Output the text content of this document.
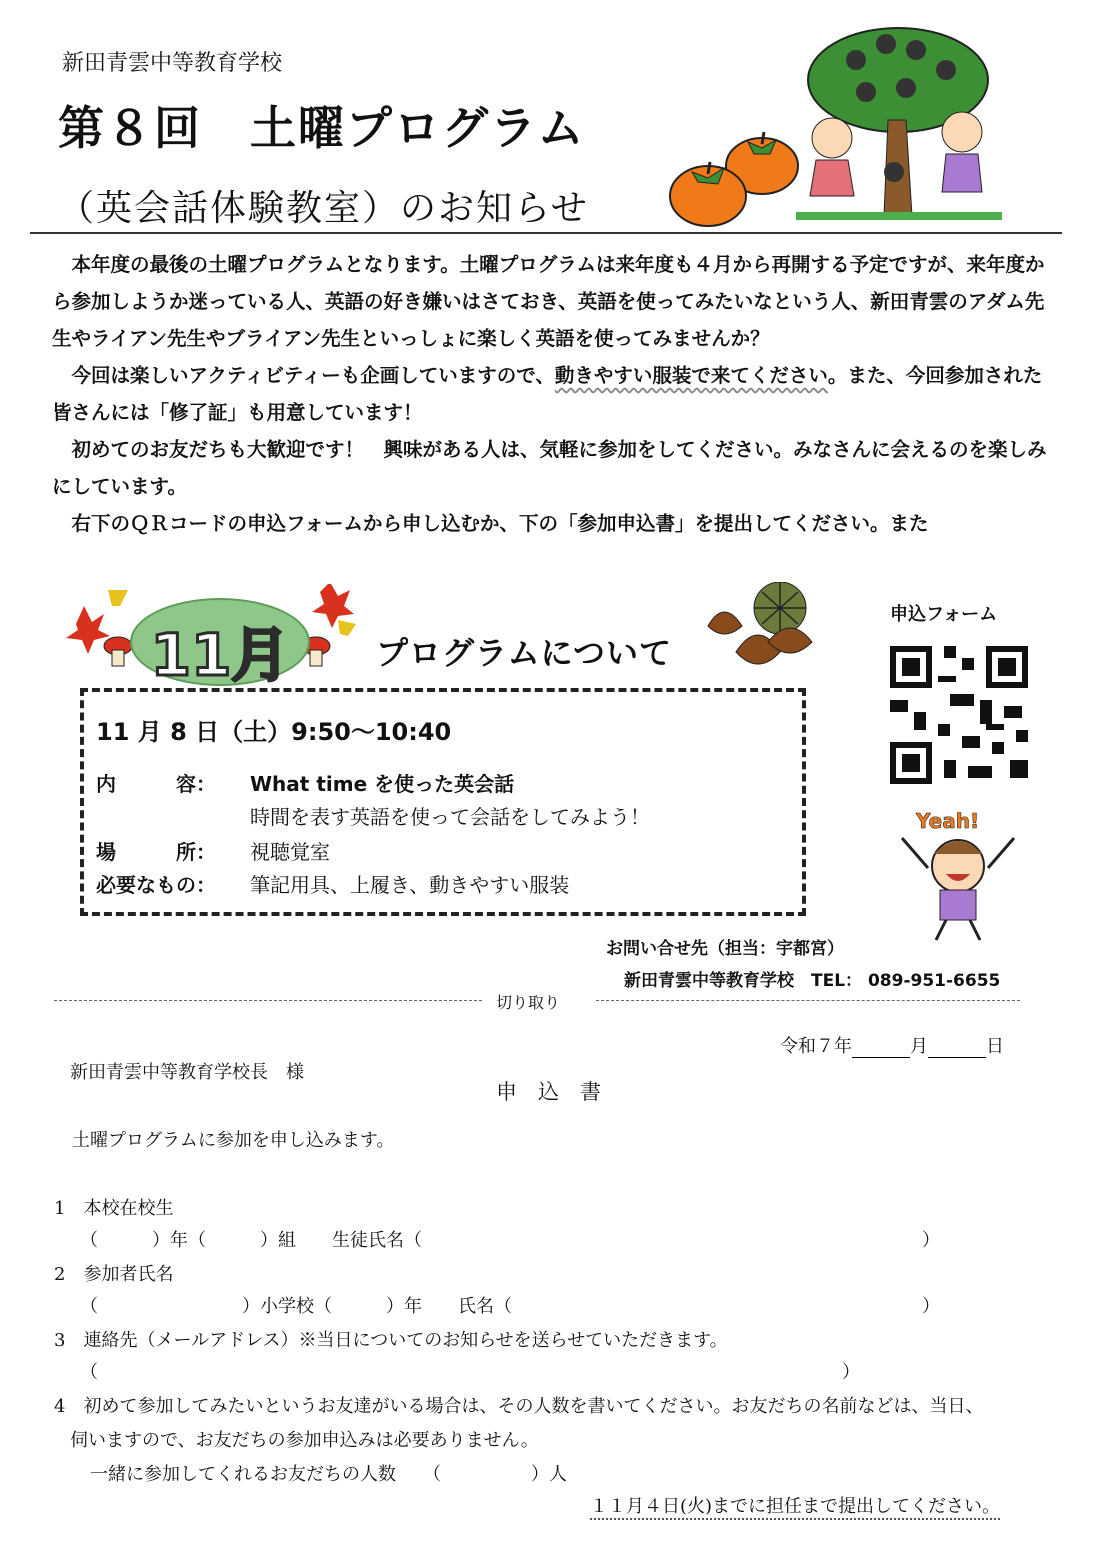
新田青雲中等教育学校
第８回　土曜プログラム
（英会話体験教室）のお知らせ

本年度の最後の土曜プログラムとなります。土曜プログラムは来年度も４月から再開する予定ですが、来年度から参加しようか迷っている人、英語の好き嫌いはさておき、英語を使ってみたいなという人、新田青雲のアダム先生やライアン先生やブライアン先生といっしょに楽しく英語を使ってみませんか？

今回は楽しいアクティビティーも企画していますので、動きやすい服装で来てください。また、今回参加された皆さんには「修了証」も用意しています！

初めてのお友だちも大歓迎です！　興味がある人は、気軽に参加をしてください。みなさんに会えるのを楽しみにしています。

右下のＱＲコードの申込フォームから申し込むか、下の「参加申込書」を提出してください。また

11月	プログラムについて
11 月 8 日（土）9:50～10:40
内　　　容： What time を使った英会話
時間を表す英語を使って会話をしてみよう！
場　　　所： 視聴覚室
必要なもの： 筆記用具、上履き、動きやすい服装
申込フォーム
Yeah!
お問い合せ先（担当：宇都宮）
新田青雲中等教育学校　TEL： 089-951-6655
切り取り
令和７年	月	日
新田青雲中等教育学校長　様
申　込　書
土曜プログラムに参加を申し込みます。
1　本校在校生
（　　　）年（　　　）組　　生徒氏名（	）
2　参加者氏名
（　　　　　　　　）小学校（　　　）年　　氏名（	）
3　連絡先（メールアドレス）※当日についてのお知らせを送らせていただきます。
（	）
4　初めて参加してみたいというお友達がいる場合は、その人数を書いてください。お友だちの名前などは、当日、
伺いますので、お友だちの参加申込みは必要ありません。
一緒に参加してくれるお友だちの人数　　（　　　　　）人
１１月４日(火)までに担任まで提出してください。
